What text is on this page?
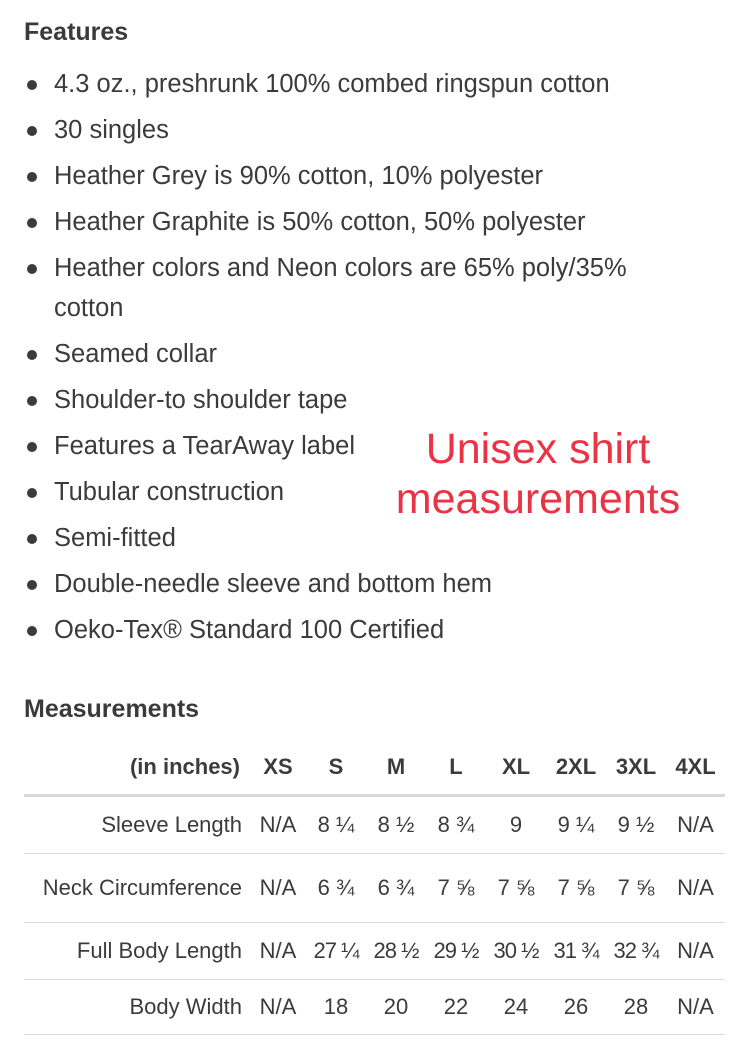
Features
4.3 oz., preshrunk 100% combed ringspun cotton
30 singles
Heather Grey is 90% cotton, 10% polyester
Heather Graphite is 50% cotton, 50% polyester
Heather colors and Neon colors are 65% poly/35% cotton
Seamed collar
Shoulder-to shoulder tape
Features a TearAway label
Tubular construction
Semi-fitted
Double-needle sleeve and bottom hem
Oeko-Tex® Standard 100 Certified

Unisex shirt measurements

Measurements
(in inches)	XS	S	M	L	XL	2XL	3XL	4XL
Sleeve Length	N/A	8 ¼	8 ½	8 ¾	9	9 ¼	9 ½	N/A
Neck Circumference	N/A	6 ¾	6 ¾	7 ⅝	7 ⅝	7 ⅝	7 ⅝	N/A
Full Body Length	N/A	27 ¼	28 ½	29 ½	30 ½	31 ¾	32 ¾	N/A
Body Width	N/A	18	20	22	24	26	28	N/A
